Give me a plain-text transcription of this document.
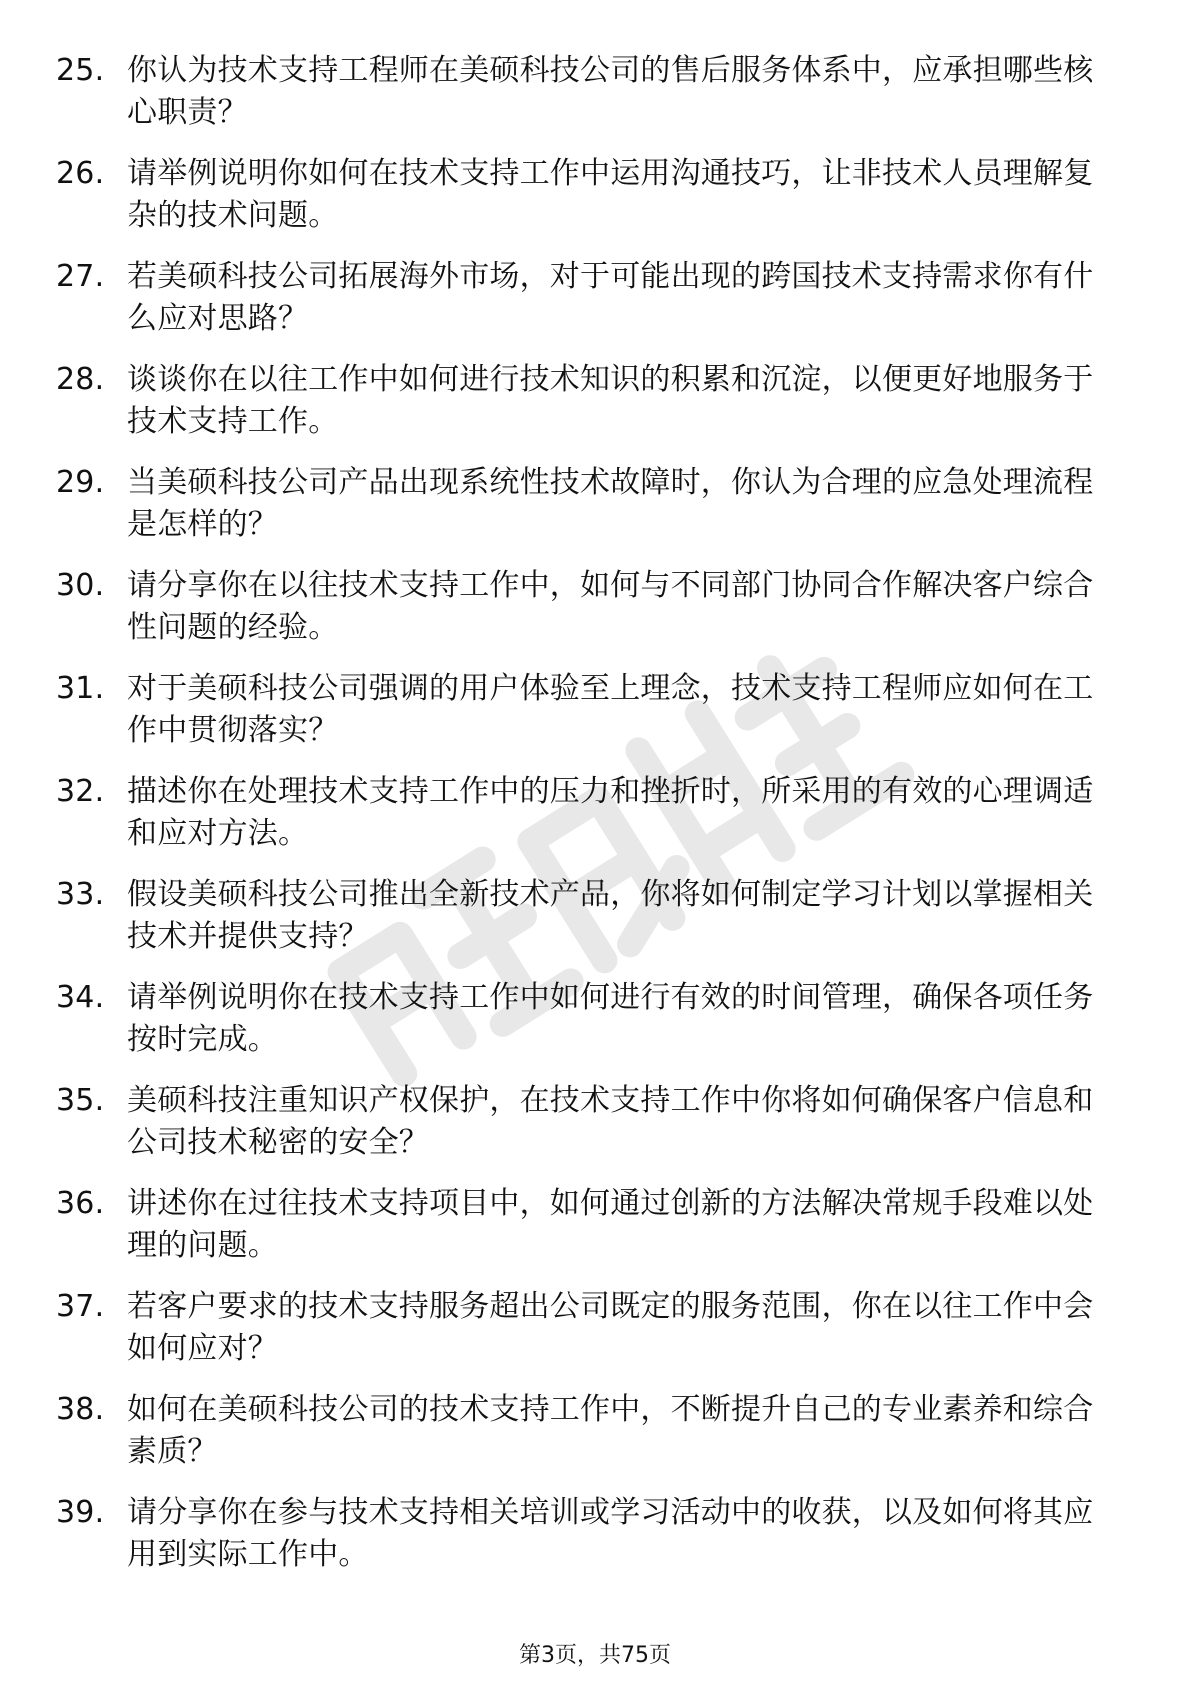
25. 你认为技术支持工程师在美硕科技公司的售后服务体系中，应承担哪些核心职责？
26. 请举例说明你如何在技术支持工作中运用沟通技巧，让非技术人员理解复杂的技术问题。
27. 若美硕科技公司拓展海外市场，对于可能出现的跨国技术支持需求你有什么应对思路？
28. 谈谈你在以往工作中如何进行技术知识的积累和沉淀，以便更好地服务于技术支持工作。
29. 当美硕科技公司产品出现系统性技术故障时，你认为合理的应急处理流程是怎样的？
30. 请分享你在以往技术支持工作中，如何与不同部门协同合作解决客户综合性问题的经验。
31. 对于美硕科技公司强调的用户体验至上理念，技术支持工程师应如何在工作中贯彻落实？
32. 描述你在处理技术支持工作中的压力和挫折时，所采用的有效的心理调适和应对方法。
33. 假设美硕科技公司推出全新技术产品，你将如何制定学习计划以掌握相关技术并提供支持？
34. 请举例说明你在技术支持工作中如何进行有效的时间管理，确保各项任务按时完成。
35. 美硕科技注重知识产权保护，在技术支持工作中你将如何确保客户信息和公司技术秘密的安全？
36. 讲述你在过往技术支持项目中，如何通过创新的方法解决常规手段难以处理的问题。
37. 若客户要求的技术支持服务超出公司既定的服务范围，你在以往工作中会如何应对？
38. 如何在美硕科技公司的技术支持工作中，不断提升自己的专业素养和综合素质？
39. 请分享你在参与技术支持相关培训或学习活动中的收获，以及如何将其应用到实际工作中。
第3页，共75页
